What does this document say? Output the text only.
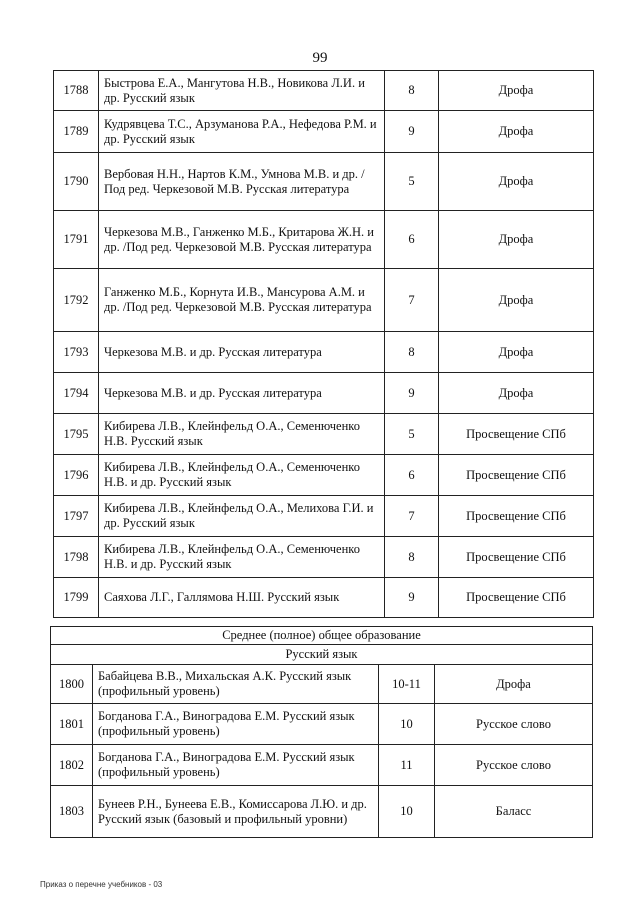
99
1788	Быстрова Е.А., Мангутова Н.В., Новикова Л.И. и др. Русский язык	8	Дрофа
1789	Кудрявцева Т.С., Арзуманова Р.А., Нефедова Р.М. и др. Русский язык	9	Дрофа
1790	Вербовая Н.Н., Нартов К.М., Умнова М.В. и др. / Под ред. Черкезовой М.В. Русская литература	5	Дрофа
1791	Черкезова М.В., Ганженко М.Б., Критарова Ж.Н. и др. /Под ред. Черкезовой М.В. Русская литература	6	Дрофа
1792	Ганженко М.Б., Корнута И.В., Мансурова А.М. и др. /Под ред. Черкезовой М.В. Русская литература	7	Дрофа
1793	Черкезова М.В. и др. Русская литература	8	Дрофа
1794	Черкезова М.В. и др. Русская литература	9	Дрофа
1795	Кибирева Л.В., Клейнфельд О.А., Семенюченко Н.В. Русский язык	5	Просвещение СПб
1796	Кибирева Л.В., Клейнфельд О.А., Семенюченко Н.В. и др. Русский язык	6	Просвещение СПб
1797	Кибирева Л.В., Клейнфельд О.А., Мелихова Г.И. и др. Русский язык	7	Просвещение СПб
1798	Кибирева Л.В., Клейнфельд О.А., Семенюченко Н.В. и др. Русский язык	8	Просвещение СПб
1799	Саяхова Л.Г., Галлямова Н.Ш. Русский язык	9	Просвещение СПб
Среднее (полное) общее образование			
Русский язык			
1800	Бабайцева В.В., Михальская А.К. Русский язык (профильный уровень)	10-11	Дрофа
1801	Богданова Г.А., Виноградова Е.М. Русский язык (профильный уровень)	10	Русское слово
1802	Богданова Г.А., Виноградова Е.М. Русский язык (профильный уровень)	11	Русское слово
1803	Бунеев Р.Н., Бунеева Е.В., Комиссарова Л.Ю. и др. Русский язык (базовый и профильный уровни)	10	Баласс
Приказ о перечне учебников - 03
